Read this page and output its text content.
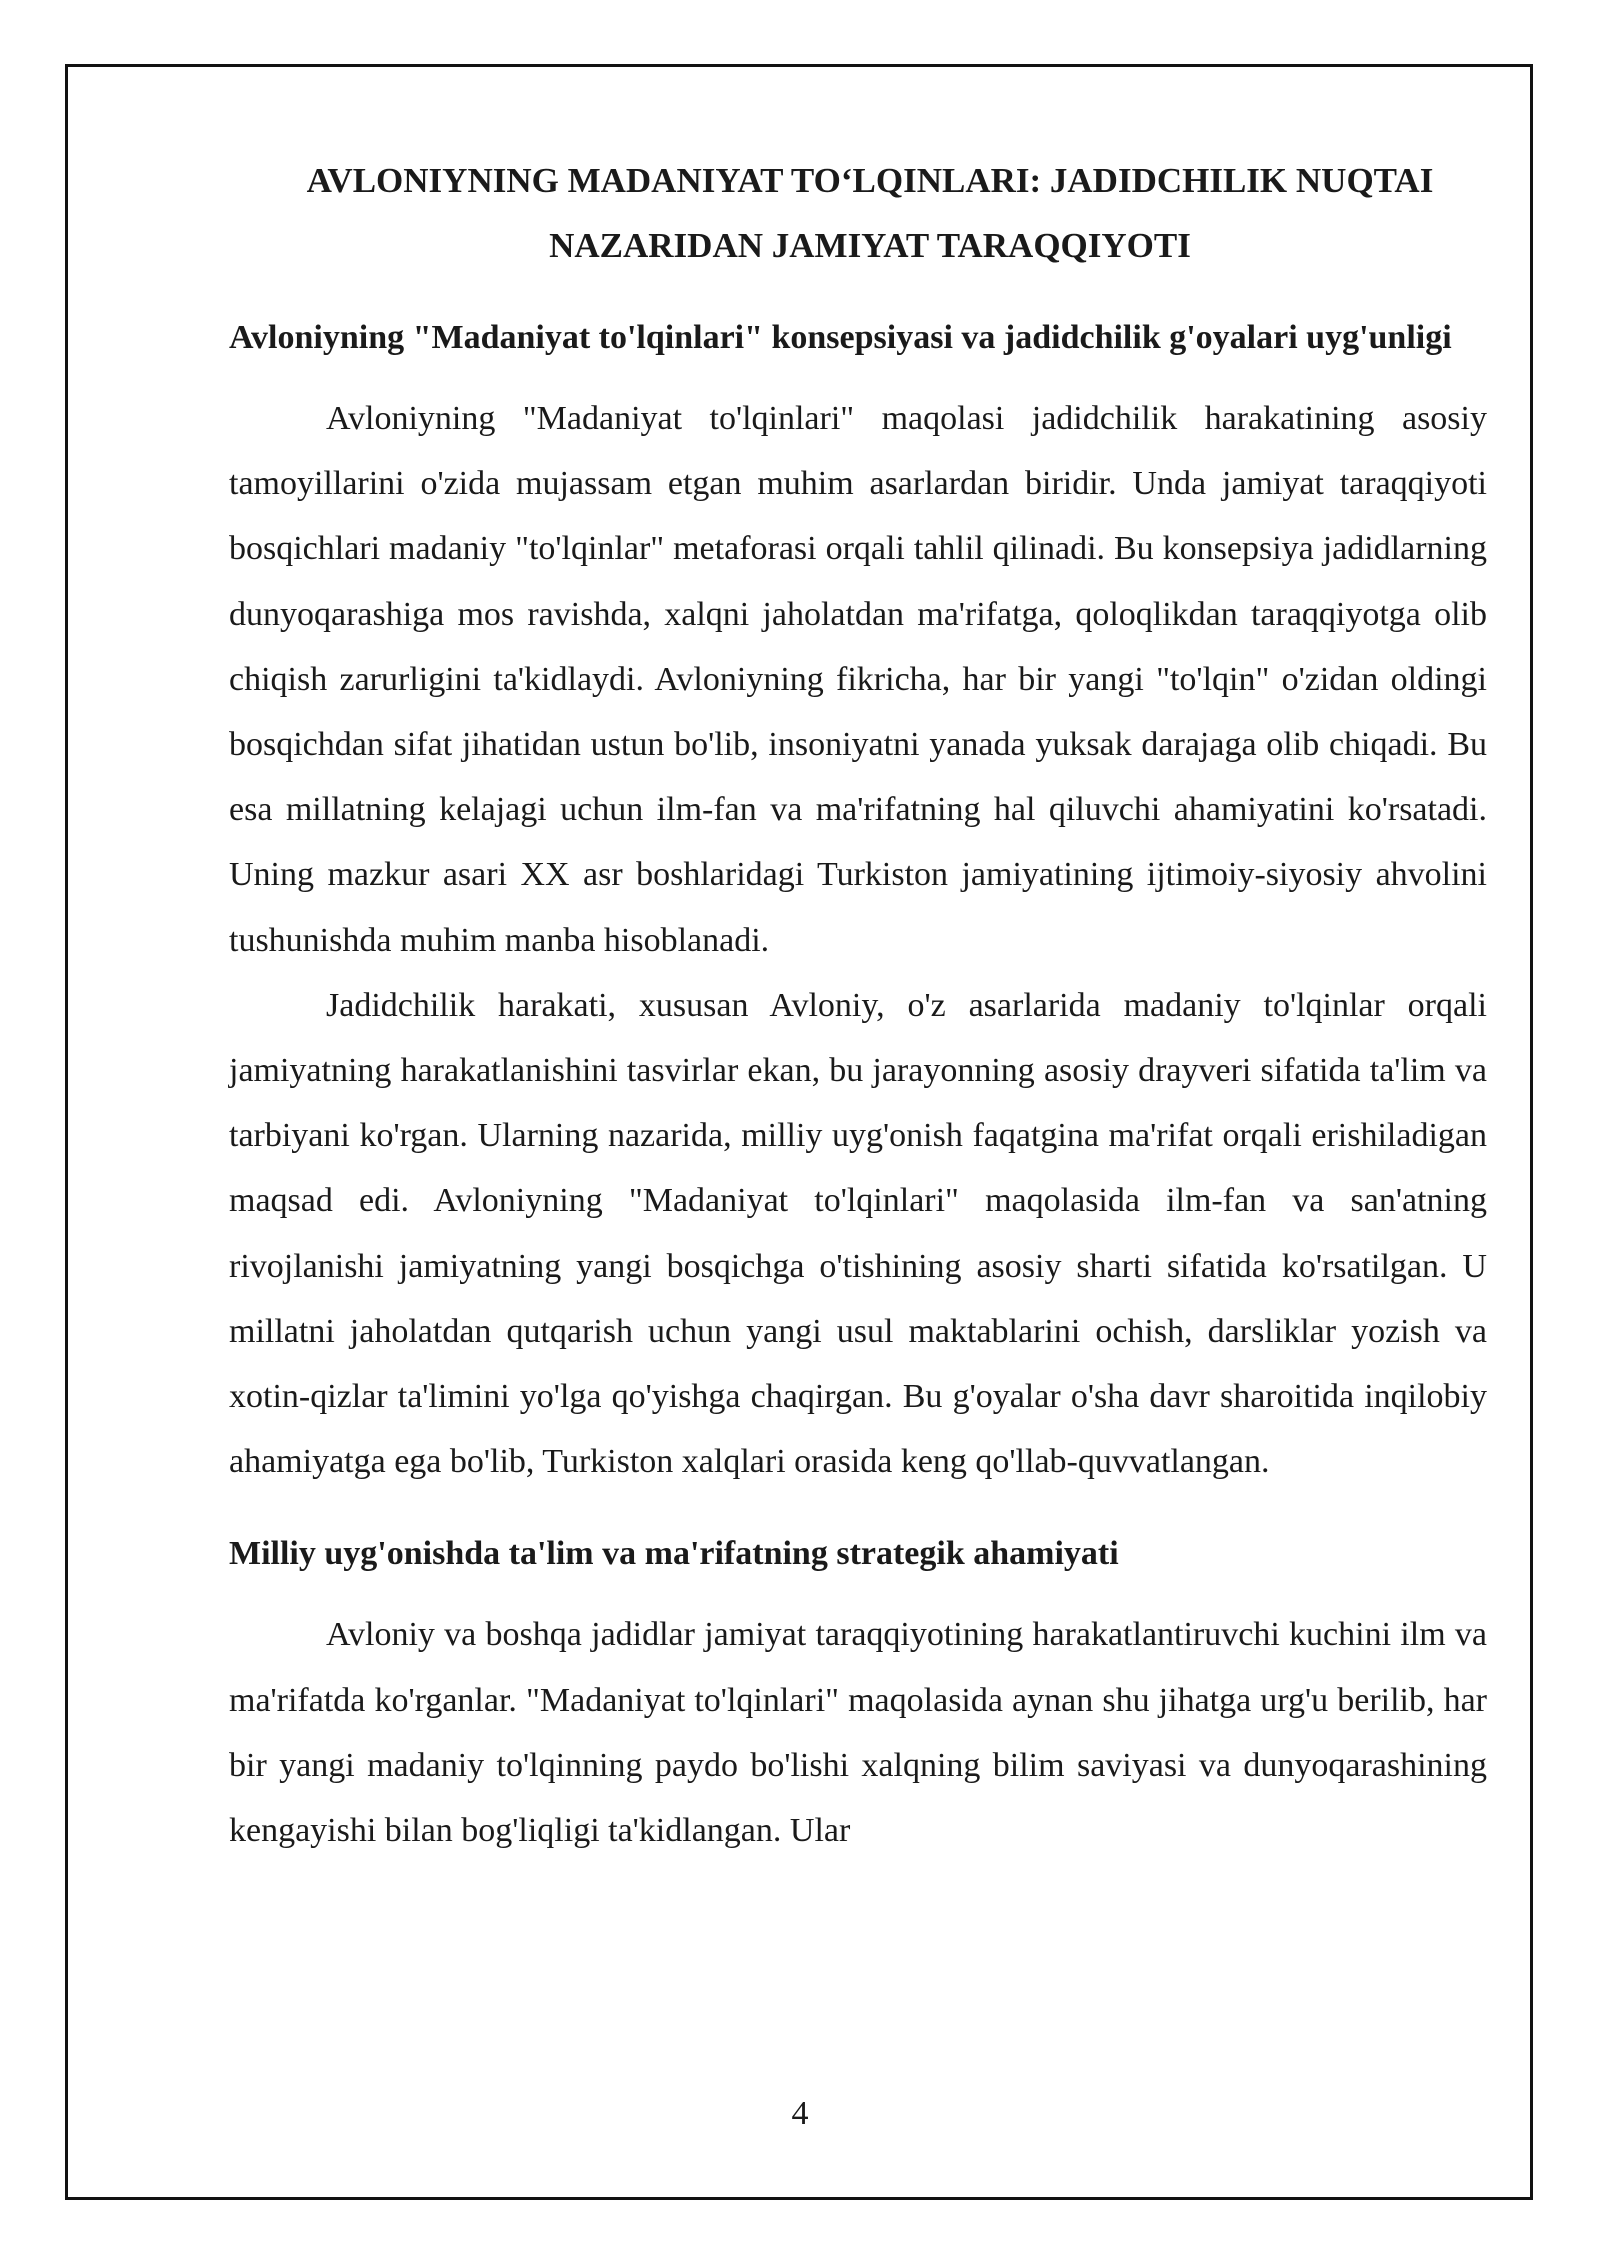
AVLONIYNING MADANIYAT TO‘LQINLARI: JADIDCHILIK NUQTAI
NAZARIDAN JAMIYAT TARAQQIYOTI
Avloniyning "Madaniyat to'lqinlari" konsepsiyasi va jadidchilik g'oyalari uyg'unligi

Avloniyning "Madaniyat to'lqinlari" maqolasi jadidchilik harakatining asosiy tamoyillarini o'zida mujassam etgan muhim asarlardan biridir. Unda jamiyat taraqqiyoti bosqichlari madaniy "to'lqinlar" metaforasi orqali tahlil qilinadi. Bu konsepsiya jadidlarning dunyoqarashiga mos ravishda, xalqni jaholatdan ma'rifatga, qoloqlikdan taraqqiyotga olib chiqish zarurligini ta'kidlaydi. Avloniyning fikricha, har bir yangi "to'lqin" o'zidan oldingi bosqichdan sifat jihatidan ustun bo'lib, insoniyatni yanada yuksak darajaga olib chiqadi. Bu esa millatning kelajagi uchun ilm-fan va ma'rifatning hal qiluvchi ahamiyatini ko'rsatadi. Uning mazkur asari XX asr boshlaridagi Turkiston jamiyatining ijtimoiy-siyosiy ahvolini tushunishda muhim manba hisoblanadi.

Jadidchilik harakati, xususan Avloniy, o'z asarlarida madaniy to'lqinlar orqali jamiyatning harakatlanishini tasvirlar ekan, bu jarayonning asosiy drayveri sifatida ta'lim va tarbiyani ko'rgan. Ularning nazarida, milliy uyg'onish faqatgina ma'rifat orqali erishiladigan maqsad edi. Avloniyning "Madaniyat to'lqinlari" maqolasida ilm-fan va san'atning rivojlanishi jamiyatning yangi bosqichga o'tishining asosiy sharti sifatida ko'rsatilgan. U millatni jaholatdan qutqarish uchun yangi usul maktablarini ochish, darsliklar yozish va xotin-qizlar ta'limini yo'lga qo'yishga chaqirgan. Bu g'oyalar o'sha davr sharoitida inqilobiy ahamiyatga ega bo'lib, Turkiston xalqlari orasida keng qo'llab-quvvatlangan.

Milliy uyg'onishda ta'lim va ma'rifatning strategik ahamiyati

Avloniy va boshqa jadidlar jamiyat taraqqiyotining harakatlantiruvchi kuchini ilm va ma'rifatda ko'rganlar. "Madaniyat to'lqinlari" maqolasida aynan shu jihatga urg'u berilib, har bir yangi madaniy to'lqinning paydo bo'lishi xalqning bilim saviyasi va dunyoqarashining kengayishi bilan bog'liqligi ta'kidlangan. Ular

4
